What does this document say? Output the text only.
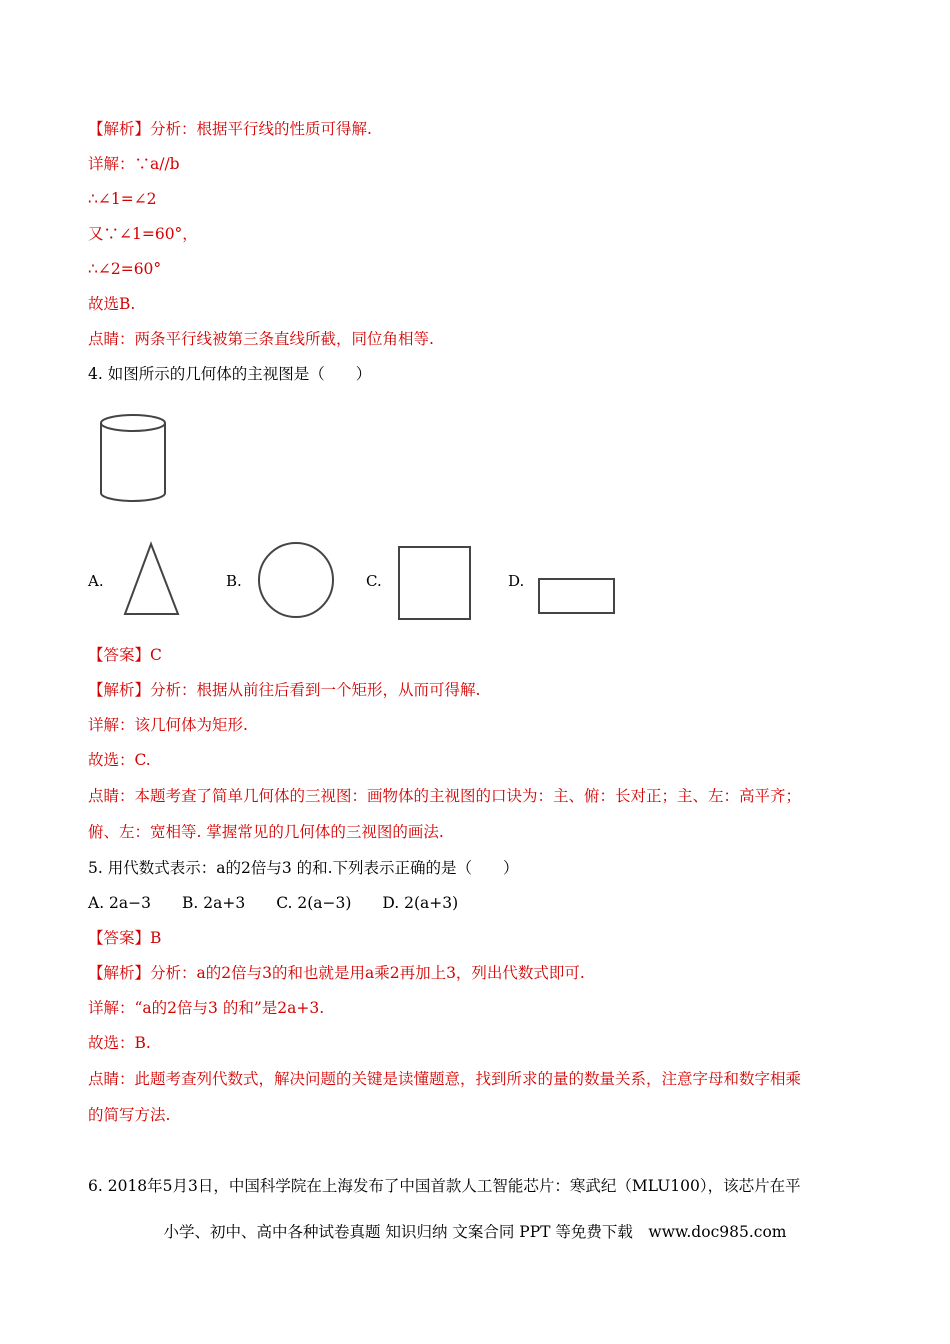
【解析】分析：根据平行线的性质可得解.
详解：∵a//b
∴∠1=∠2
又∵∠1=60°，
∴∠2=60°
故选B.
点睛：两条平行线被第三条直线所截，同位角相等.
4. 如图所示的几何体的主视图是（　　）
A.	B.	C.	D.
【答案】C
【解析】分析：根据从前往后看到一个矩形，从而可得解.
详解：该几何体为矩形.
故选：C.
点睛：本题考查了简单几何体的三视图：画物体的主视图的口诀为：主、俯：长对正；主、左：高平齐；
俯、左：宽相等. 掌握常见的几何体的三视图的画法.
5. 用代数式表示：a的2倍与3 的和.下列表示正确的是（　　）
A. 2a−3　　B. 2a+3　　C. 2(a−3)　　D. 2(a+3)
【答案】B
【解析】分析：a的2倍与3的和也就是用a乘2再加上3，列出代数式即可.
详解：“a的2倍与3 的和”是2a+3.
故选：B.
点睛：此题考查列代数式，解决问题的关键是读懂题意，找到所求的量的数量关系，注意字母和数字相乘
的简写方法.
6. 2018年5月3日，中国科学院在上海发布了中国首款人工智能芯片：寒武纪（MLU100），该芯片在平
小学、初中、高中各种试卷真题 知识归纳 文案合同 PPT 等免费下载　www.doc985.com
